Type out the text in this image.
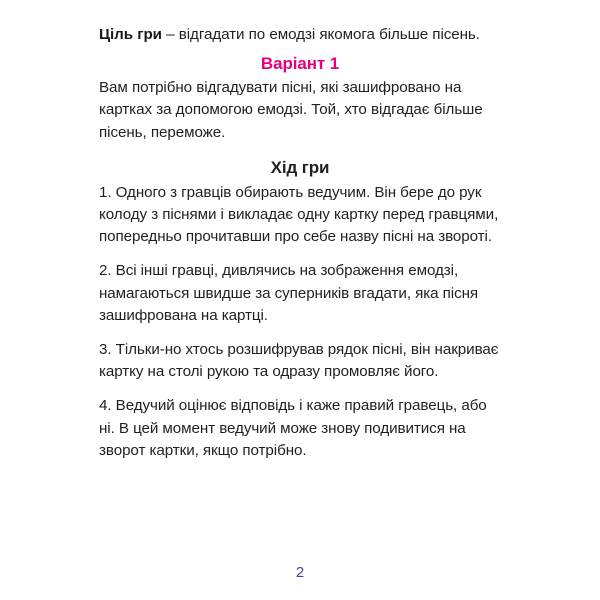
Ціль гри – відгадати по емодзі якомога більше пісень.

Варіант 1

Вам потрібно відгадувати пісні, які зашифровано на картках за допомогою емодзі. Той, хто відгадає більше пісень, переможе.

Хід гри

1. Одного з гравців обирають ведучим. Він бере до рук колоду з піснями і викладає одну картку перед гравцями, попередньо прочитавши про себе назву пісні на звороті.

2. Всі інші гравці, дивлячись на зображення емодзі, намагаються швидше за суперників вгадати, яка пісня зашифрована на картці.

3. Тільки-но хтось розшифрував рядок пісні, він накриває картку на столі рукою та одразу промовляє його.

4. Ведучий оцінює відповідь і каже правий гравець, або ні. В цей момент ведучий може знову подивитися на зворот картки, якщо потрібно.

2
